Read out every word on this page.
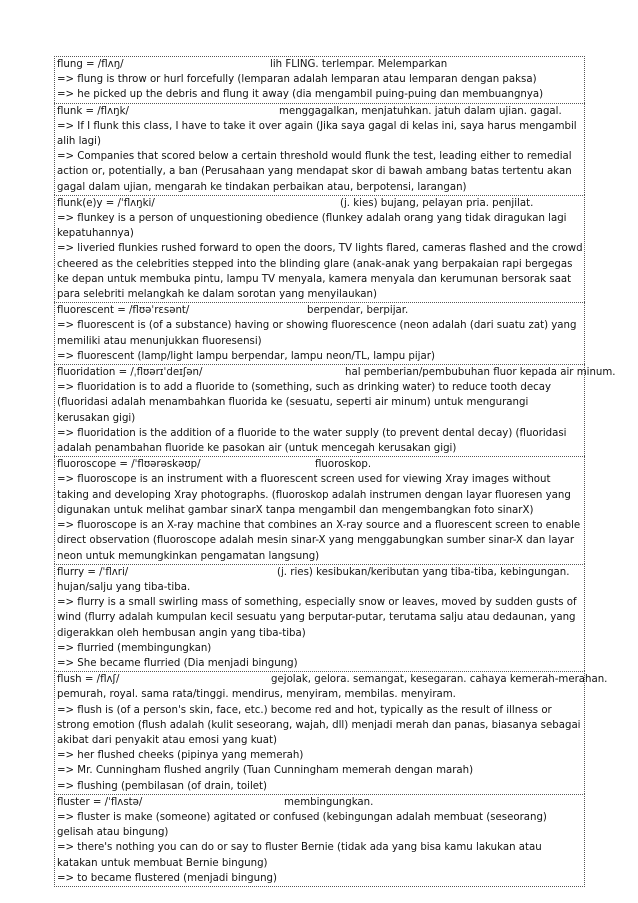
flung = /flʌŋ/	lih FLING. terlempar. Melemparkan
=> flung is throw or hurl forcefully (lemparan adalah lemparan atau lemparan dengan paksa)
=> he picked up the debris and flung it away (dia mengambil puing-puing dan membuangnya)
flunk = /flʌŋk/	menggagalkan, menjatuhkan. jatuh dalam ujian. gagal.
=> If I flunk this class, I have to take it over again (Jika saya gagal di kelas ini, saya harus mengambil alih lagi)
=> Companies that scored below a certain threshold would flunk the test, leading either to remedial action or, potentially, a ban (Perusahaan yang mendapat skor di bawah ambang batas tertentu akan gagal dalam ujian, mengarah ke tindakan perbaikan atau, berpotensi, larangan)
flunk(e)y = /ˈflʌŋki/	(j. kies) bujang, pelayan pria. penjilat.
=> flunkey is a person of unquestioning obedience (flunkey adalah orang yang tidak diragukan lagi kepatuhannya)
=> liveried flunkies rushed forward to open the doors, TV lights flared, cameras flashed and the crowd cheered as the celebrities stepped into the blinding glare (anak-anak yang berpakaian rapi bergegas ke depan untuk membuka pintu, lampu TV menyala, kamera menyala dan kerumunan bersorak saat para selebriti melangkah ke dalam sorotan yang menyilaukan)
fluorescent = /flʊəˈrɛsənt/	berpendar, berpijar.
=> fluorescent is (of a substance) having or showing fluorescence (neon adalah (dari suatu zat) yang memiliki atau menunjukkan fluoresensi)
=> fluorescent (lamp/light lampu berpendar, lampu neon/TL, lampu pijar)
fluoridation = /ˌflʊərɪˈdeɪʃən/	hal pemberian/pembubuhan fluor kepada air minum.
=> fluoridation is to add a fluoride to (something, such as drinking water) to reduce tooth decay (fluoridasi adalah menambahkan fluorida ke (sesuatu, seperti air minum) untuk mengurangi kerusakan gigi)
=> fluoridation is the addition of a fluoride to the water supply (to prevent dental decay) (fluoridasi adalah penambahan fluoride ke pasokan air (untuk mencegah kerusakan gigi)
fluoroscope = /ˈflʊərəskəʊp/	fluoroskop.
=> fluoroscope is an instrument with a fluorescent screen used for viewing Xray images without taking and developing Xray photographs. (fluoroskop adalah instrumen dengan layar fluoresen yang digunakan untuk melihat gambar sinarX tanpa mengambil dan mengembangkan foto sinarX)
=> fluoroscope is an X-ray machine that combines an X-ray source and a fluorescent screen to enable direct observation (fluoroscope adalah mesin sinar-X yang menggabungkan sumber sinar-X dan layar neon untuk memungkinkan pengamatan langsung)
flurry = /ˈflʌri/	(j. ries) kesibukan/keributan yang tiba-tiba, kebingungan.
hujan/salju yang tiba-tiba.
=> flurry is a small swirling mass of something, especially snow or leaves, moved by sudden gusts of wind (flurry adalah kumpulan kecil sesuatu yang berputar-putar, terutama salju atau dedaunan, yang digerakkan oleh hembusan angin yang tiba-tiba)
=> flurried (membingungkan)
=> She became flurried (Dia menjadi bingung)
flush = /flʌʃ/	gejolak, gelora. semangat, kesegaran. cahaya kemerah-merahan.
pemurah, royal. sama rata/tinggi. mendirus, menyiram, membilas. menyiram.
=> flush is (of a person's skin, face, etc.) become red and hot, typically as the result of illness or strong emotion (flush adalah (kulit seseorang, wajah, dll) menjadi merah dan panas, biasanya sebagai akibat dari penyakit atau emosi yang kuat)
=> her flushed cheeks (pipinya yang memerah)
=> Mr. Cunningham flushed angrily (Tuan Cunningham memerah dengan marah)
=> flushing (pembilasan (of drain, toilet)
fluster = /ˈflʌstə/	membingungkan.
=> fluster is make (someone) agitated or confused (kebingungan adalah membuat (seseorang) gelisah atau bingung)
=> there's nothing you can do or say to fluster Bernie (tidak ada yang bisa kamu lakukan atau katakan untuk membuat Bernie bingung)
=> to became flustered (menjadi bingung)
